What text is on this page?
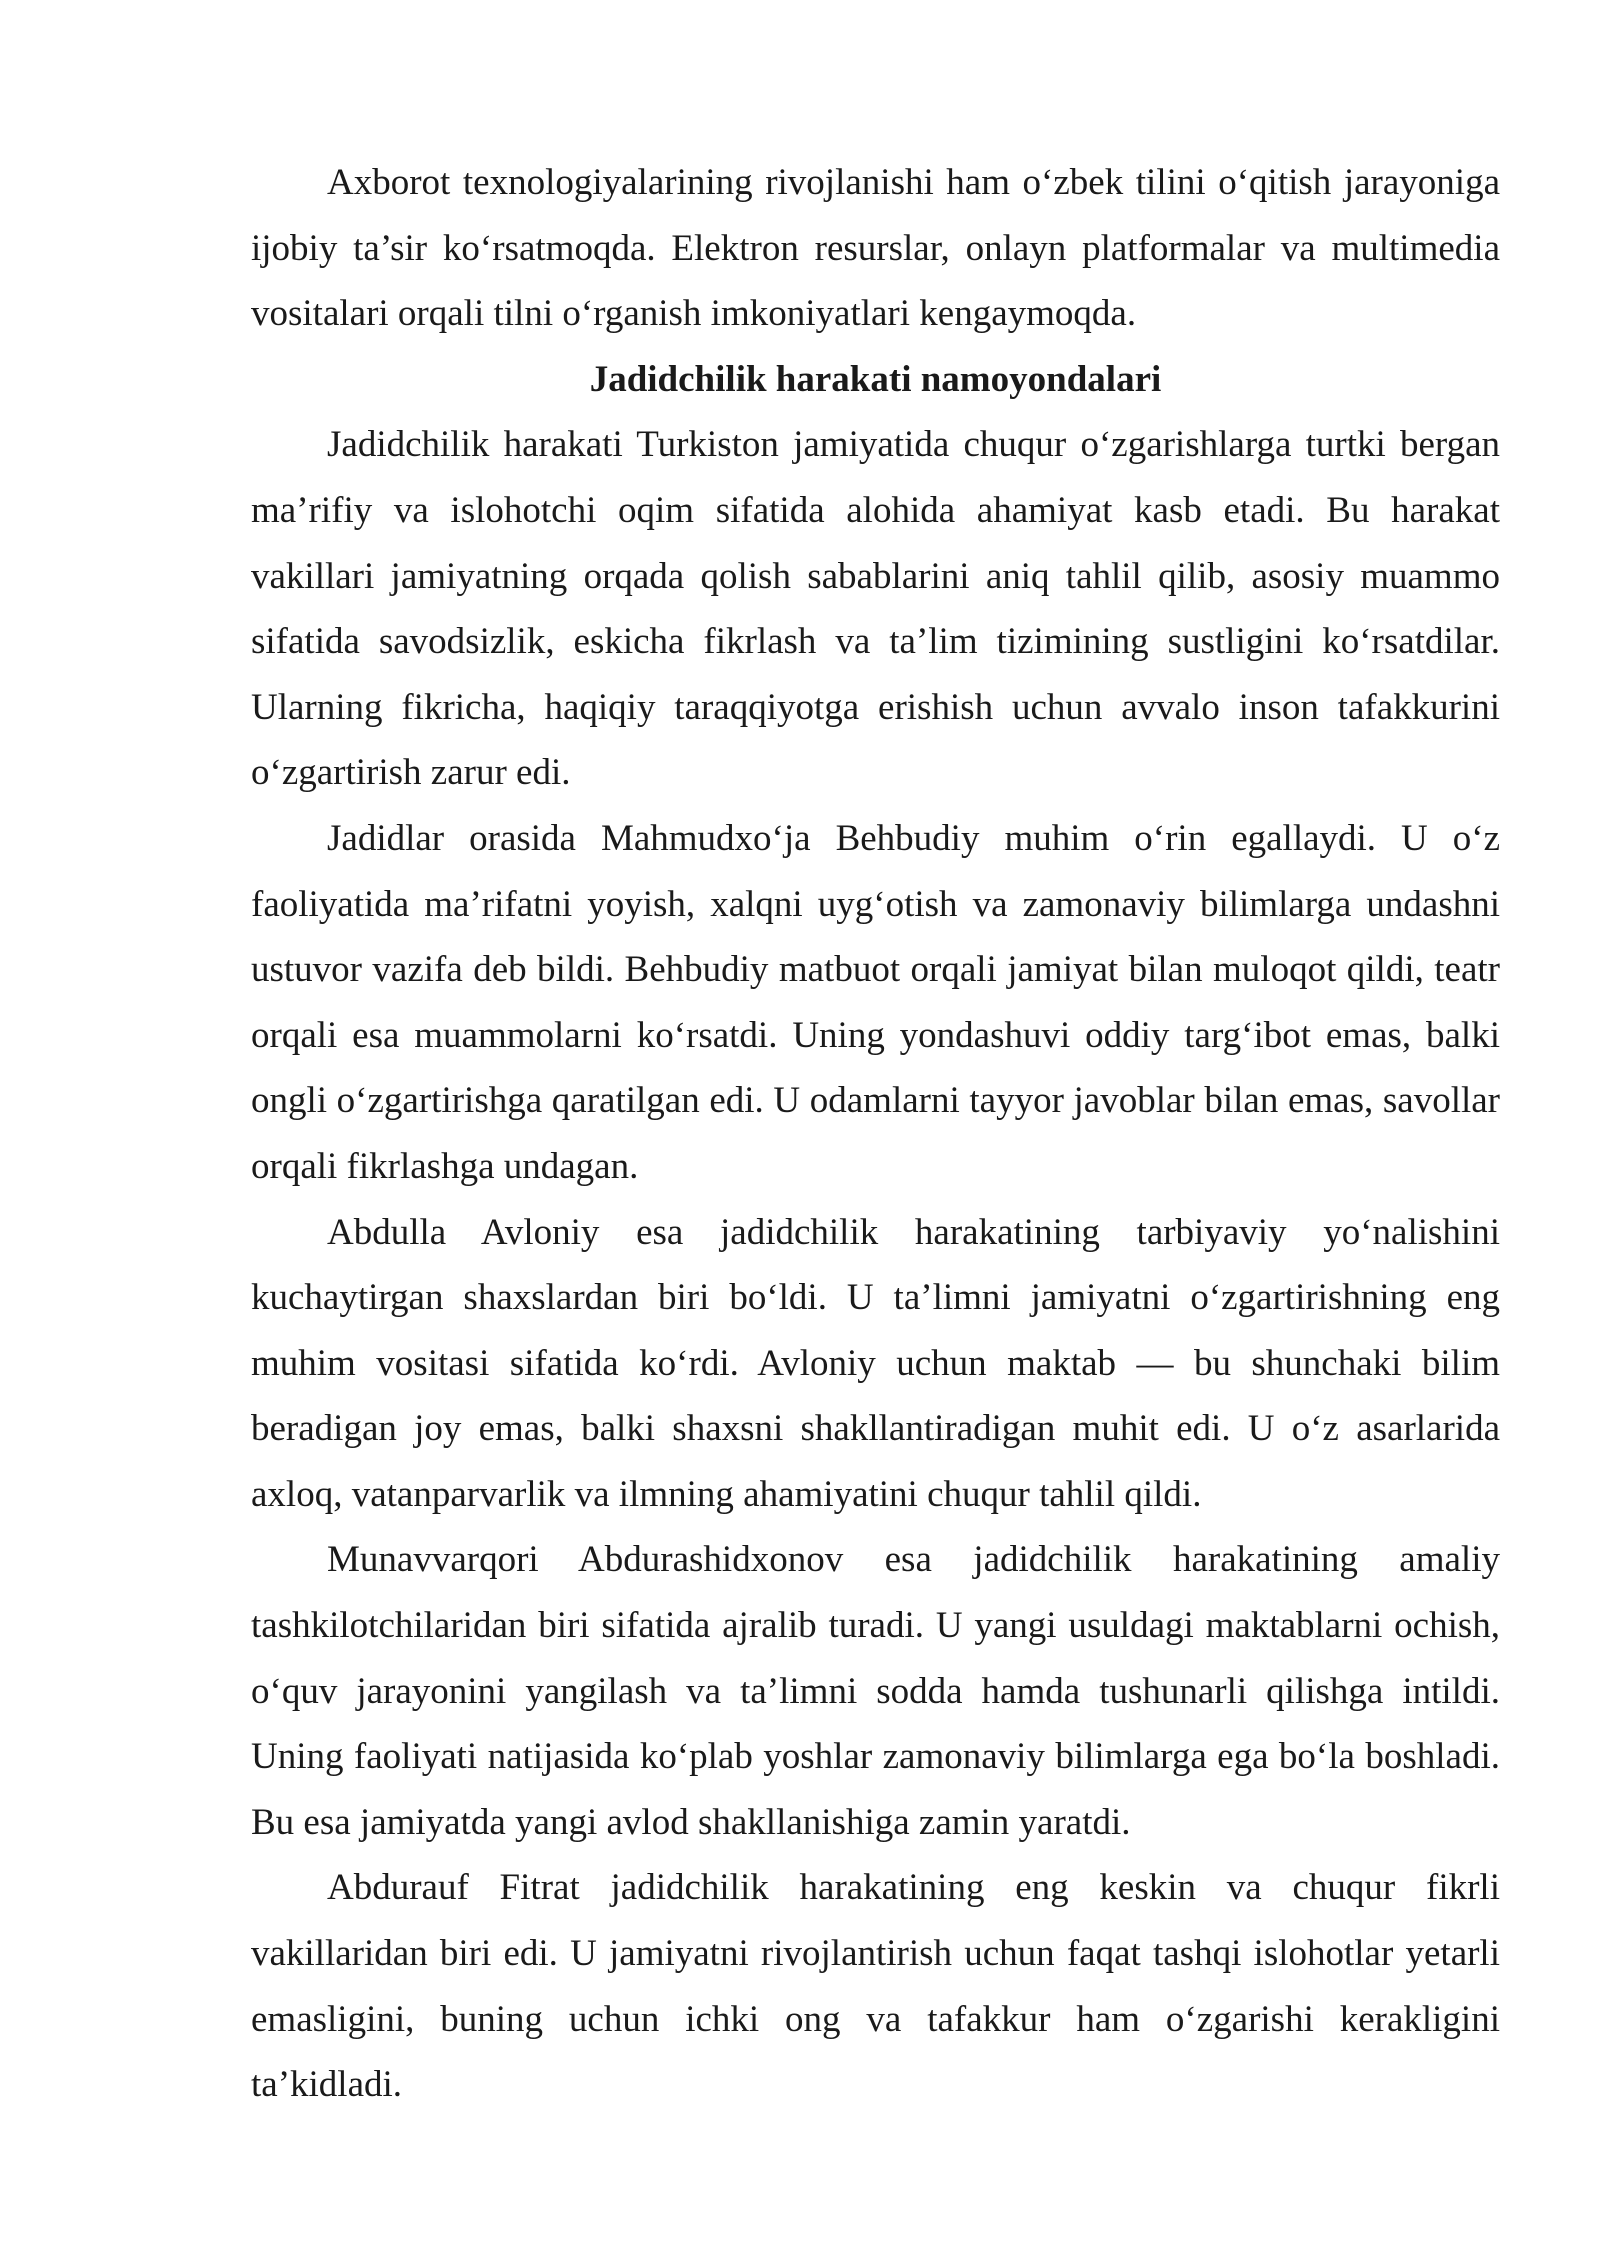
Axborot texnologiyalarining rivojlanishi ham o‘zbek tilini o‘qitish jarayoniga ijobiy ta’sir ko‘rsatmoqda. Elektron resurslar, onlayn platformalar va multimedia vositalari orqali tilni o‘rganish imkoniyatlari kengaymoqda.

Jadidchilik harakati namoyondalari

Jadidchilik harakati Turkiston jamiyatida chuqur o‘zgarishlarga turtki bergan ma’rifiy va islohotchi oqim sifatida alohida ahamiyat kasb etadi. Bu harakat vakillari jamiyatning orqada qolish sabablarini aniq tahlil qilib, asosiy muammo sifatida savodsizlik, eskicha fikrlash va ta’lim tizimining sustligini ko‘rsatdilar. Ularning fikricha, haqiqiy taraqqiyotga erishish uchun avvalo inson tafakkurini o‘zgartirish zarur edi.

Jadidlar orasida Mahmudxo‘ja Behbudiy muhim o‘rin egallaydi. U o‘z faoliyatida ma’rifatni yoyish, xalqni uyg‘otish va zamonaviy bilimlarga undashni ustuvor vazifa deb bildi. Behbudiy matbuot orqali jamiyat bilan muloqot qildi, teatr orqali esa muammolarni ko‘rsatdi. Uning yondashuvi oddiy targ‘ibot emas, balki ongli o‘zgartirishga qaratilgan edi. U odamlarni tayyor javoblar bilan emas, savollar orqali fikrlashga undagan.

Abdulla Avloniy esa jadidchilik harakatining tarbiyaviy yo‘nalishini kuchaytirgan shaxslardan biri bo‘ldi. U ta’limni jamiyatni o‘zgartirishning eng muhim vositasi sifatida ko‘rdi. Avloniy uchun maktab — bu shunchaki bilim beradigan joy emas, balki shaxsni shakllantiradigan muhit edi. U o‘z asarlarida axloq, vatanparvarlik va ilmning ahamiyatini chuqur tahlil qildi.

Munavvarqori Abdurashidxonov esa jadidchilik harakatining amaliy tashkilotchilaridan biri sifatida ajralib turadi. U yangi usuldagi maktablarni ochish, o‘quv jarayonini yangilash va ta’limni sodda hamda tushunarli qilishga intildi. Uning faoliyati natijasida ko‘plab yoshlar zamonaviy bilimlarga ega bo‘la boshladi. Bu esa jamiyatda yangi avlod shakllanishiga zamin yaratdi.

Abdurauf Fitrat jadidchilik harakatining eng keskin va chuqur fikrli vakillaridan biri edi. U jamiyatni rivojlantirish uchun faqat tashqi islohotlar yetarli emasligini, buning uchun ichki ong va tafakkur ham o‘zgarishi kerakligini ta’kidladi.
